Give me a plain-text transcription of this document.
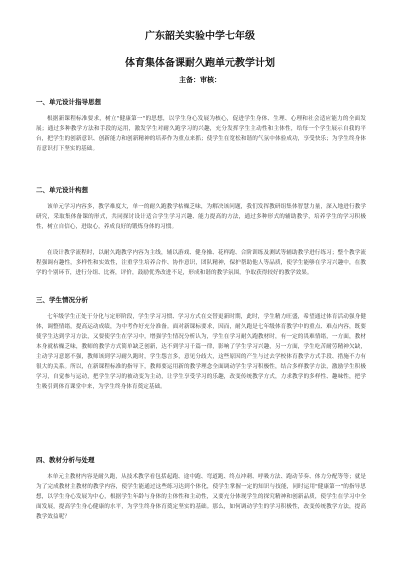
广东韶关实验中学七年级
体育集体备课耐久跑单元教学计划
主备：审核：
一、单元设计指导思想

根据新课程标准要求，树立"健康第一"的思想，以学生身心发展为核心，促进学生身体、生理、心理和社会适应能力的全面发展；通过多种教学方法和手段的运用，激发学生对耐久跑学习的兴趣，充分发挥学生主动性和主体性，给每一个学生展示自我的平台，把学生的创新意识、创新能力和创新精神的培养作为重点来抓；使学生在宽松和谐的气氛中体验成功，享受快乐；为学生终身体育意识打下坚实的基础。

二、单元设计构想

该单元学习内容多，教学难度大，单一的耐久跑教学枯燥乏味，为解决该问题，我们发挥教研组集体智慧力量，深入地进行教学研究，采取集体备课的形式，共同探讨设计适合学生学习兴趣、能力提高的方法，通过多种形式的辅助教学，培养学生的学习积极性，树立自信心，进取心，养成良好的锻炼身体的习惯。

在设计教学流程时，以耐久跑教学内容为主线，辅以游戏、健身操、花样跑、合阶训练及测试等辅助教学进行练习；整个教学流程强调有趣性，多样性和实效性，注重学生培养合作、协作意识，团队精神，保护帮助他人等品质，使学生能够在学习兴趣中，在教学的个别环节，进行分组、比赛，评价，鼓励优秀改进不足，形成和谐的教学氛围，争取获得较好的教学效果。

三、学生情况分析

七年级学生正处于分化与定形阶段，学生学习习惯、学习方式在交替更新时期，此时，学生精力旺盛，希望通过体育活动强身健体，调整情绪，提高运动成绩，为中考作好充分准备。面对新课标要求，因而，耐久跑是七年级体育教学中的重点、难点内容，既要使学生达到学习方法，又要使学生在学习中，增强学生情况分析认为，学生在学习耐久跑教材时，有一定的畏难情绪，一方面，教材本身就枯燥乏味，教师的教学方式简单缺乏创新，达不到学习千篇一律，影响了学生学习兴趣，另一方面，学生吃苦耐劳精神欠缺，主动学习意愿不强，教师该到学习耐久跑时，学生怨言多，意见分歧大，这些原因的产生与过去学校体育教学方式手段、措施不力有很大的关系。所以，在新课程标准的指导下，教师要运用新的教学理念全面调动学生学习积极性，结合多样教学方法，激励学生积极学习，自觉参与运动，把学生学习的被动变为主动，让学生享受学习的乐趣，改变传统教学方式，力求教学的多样性、趣味性，把学生吸引到体育课堂中来，为学生终身体育奠定基础。

四、教材分析与处理

本单元主教材内容是耐久跑，从技术教学看包括起跑、途中跑、弯道跑、终点冲刺、呼吸方法、跑动节奏、体力分配等等；就是为了完成教材主教材的教学内容，使学生能通过这些练习达到个体化，使学生掌握一定的知识与技能，同时运用"健康第一"的指导思想，以学生身心发展为中心，根据学生年龄与身体的主体性和主动性，又要充分体现学生的探究精神和创新品质，使学生在学习中全面发展，提高学生身心健康的水平，为学生终身体育奠定坚实的基础。那么，如何调动学生的学习积极性，改变传统教学方法，提高教学效益呢？
